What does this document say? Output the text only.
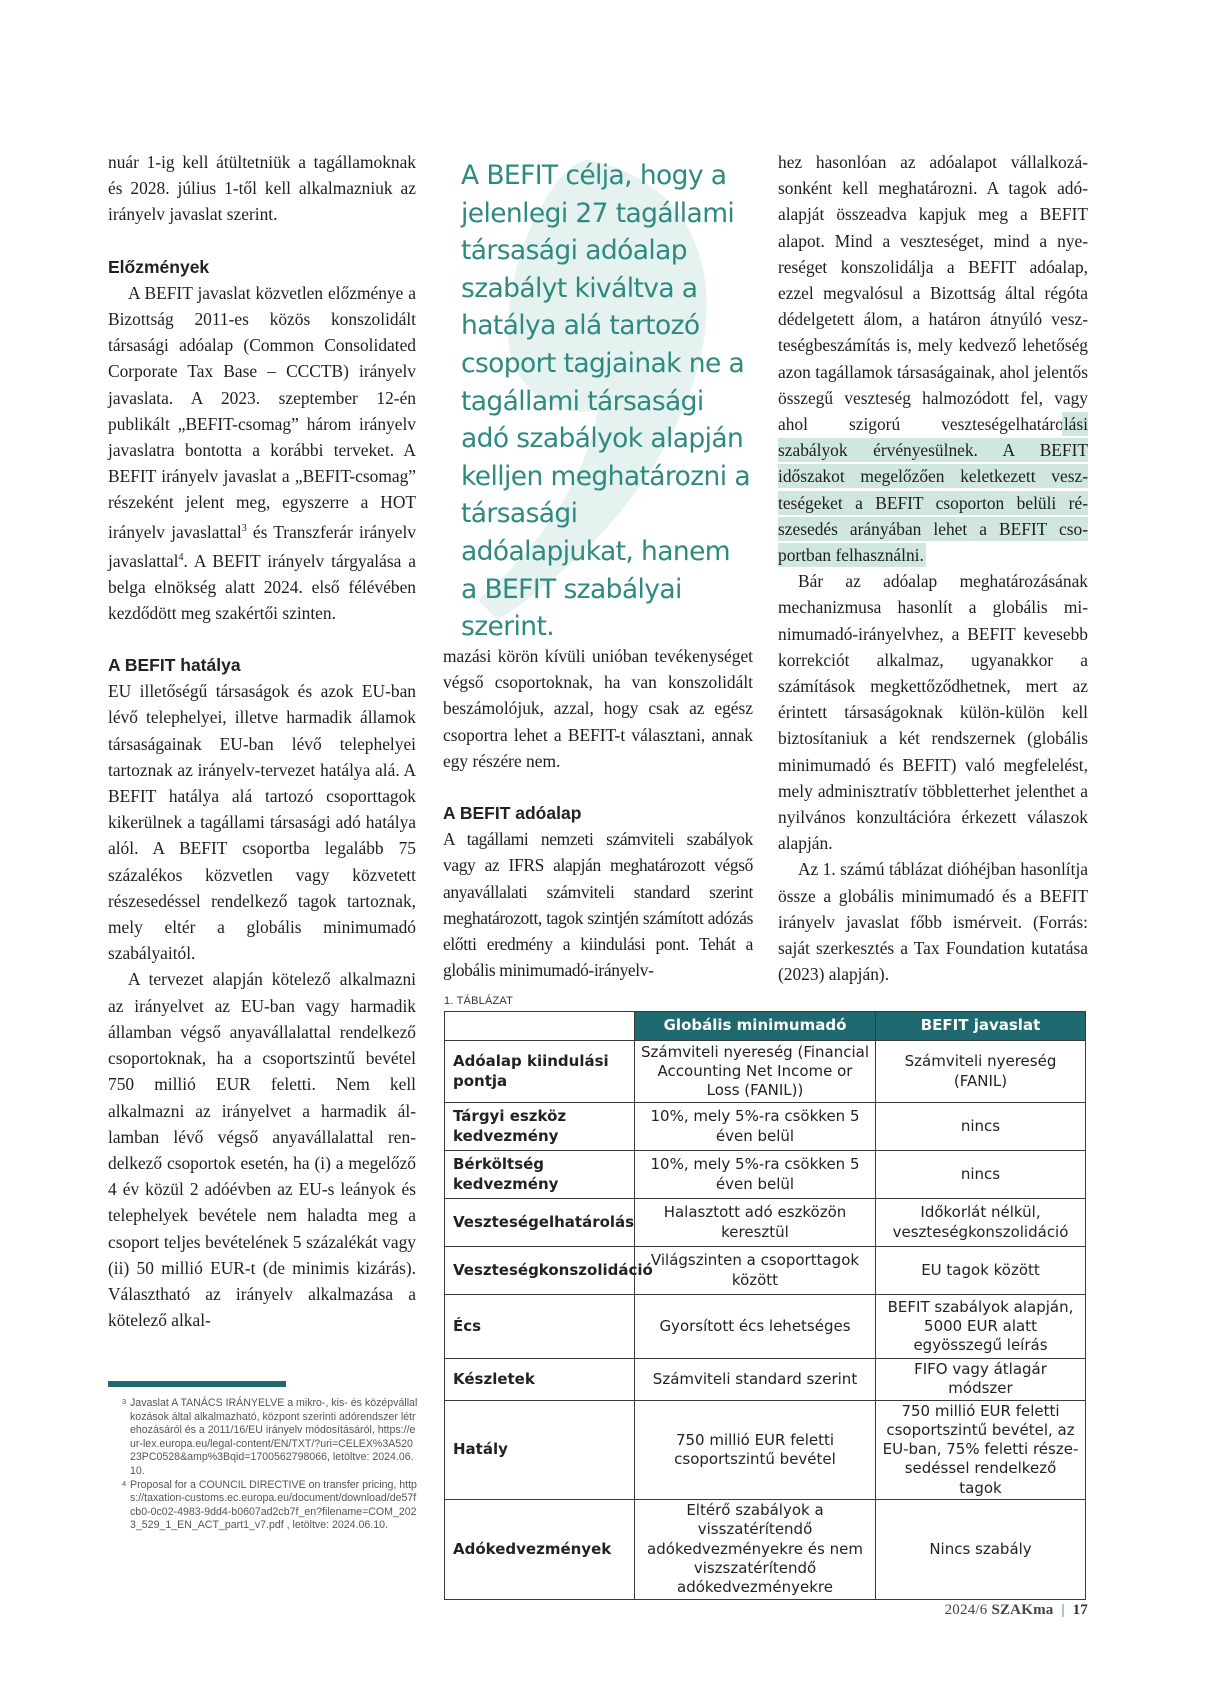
nuár 1-ig kell átültetniük a tagállamoknak és 2028. július 1-től kell alkalmazniuk az irányelv javaslat szerint.

Előzmények

A BEFIT javaslat közvetlen előzménye a Bizottság 2011-es közös konszolidált társasági adóalap (Common Consolidated Corporate Tax Base – CCCTB) irányelv javaslata. A 2023. szeptember 12-én publikált „BEFIT-csomag” három irányelv javaslatra bontotta a korábbi terveket. A BEFIT irányelv javaslat a „BEFIT-csomag” részeként jelent meg, egyszerre a HOT irányelv javaslattal$^3$ és Transzferár irányelv javaslattal$^4$. A BEFIT irányelv tárgyalása a belga elnökség alatt 2024. első félévében kezdődött meg szakértői szinten.

A BEFIT hatálya

EU illetőségű társaságok és azok EU-ban lévő telephelyei, illetve harmadik államok társaságainak EU-ban lévő telephelyei tartoznak az irányelv-tervezet hatálya alá. A BEFIT hatálya alá tartozó csoporttagok kikerülnek a tagállami társasági adó hatálya alól. A BEFIT csoportba legalább 75 százalékos közvetlen vagy közvetett részesedéssel rendelkező tagok tartoznak, mely eltér a globális minimumadó szabályaitól.

A tervezet alapján kötelező alkalmazni az irányelvet az EU-ban vagy harmadik államban végső anyavállalattal rendelkező csoportoknak, ha a csoportszintű bevétel 750 millió EUR feletti. Nem kell alkalmazni az irányelvet a harmadik államban lévő végső anyavállalattal rendelkező csoportok esetén, ha (i) a megelőző 4 év közül 2 adóévben az EU-s leányok és telephelyek bevétele nem haladta meg a csoport teljes bevételének 5 százalékát vagy (ii) 50 millió EUR-t (de minimis kizárás). Választható az irányelv alkalmazása a kötelező alkal-

A BEFIT célja, hogy a jelenlegi 27 tagállami társasági adóalap szabályt kiváltva a hatálya alá tartozó csoport tagjainak ne a tagállami társasági adó szabályok alapján kelljen meghatározni a társasági adóalapjukat, hanem a BEFIT szabályai szerint.

mazási körön kívüli unióban tevékenységet végső csoportoknak, ha van konszolidált beszámolójuk, azzal, hogy csak az egész csoportra lehet a BEFIT-t választani, annak egy részére nem.

A BEFIT adóalap

A tagállami nemzeti számviteli szabályok vagy az IFRS alapján meghatározott végső anyavállalati számviteli standard szerint meghatározott, tagok szintjén számított adózás előtti eredmény a kiindulási pont. Tehát a globális minimumadó-irányelv-

hez hasonlóan az adóalapot vállalkozásonként kell meghatározni. A tagok adóalapját összeadva kapjuk meg a BEFIT alapot. Mind a veszteséget, mind a nyereséget konszolidálja a BEFIT adóalap, ezzel megvalósul a Bizottság által régóta dédelgetett álom, a határon átnyúló veszteségbeszámítás is, mely kedvező lehetőség azon tagállamok társaságainak, ahol jelentős összegű veszteség halmozódott fel, vagy ahol szigorú veszteségelhatárolási szabályok érvényesülnek. A BEFIT időszakot megelőzően keletkezett veszteségeket a BEFIT csoporton belüli részesedés arányában lehet a BEFIT csoportban felhasználni.

Bár az adóalap meghatározásának mechanizmusa hasonlít a globális minimumadó-irányelvhez, a BEFIT kevesebb korrekciót alkalmaz, ugyanakkor a számítások megkettőződhetnek, mert az érintett társaságoknak külön-külön kell biztosítaniuk a két rendszernek (globális minimumadó és BEFIT) való megfelelést, mely adminisztratív többletterhet jelenthet a nyilvános konzultációra érkezett válaszok alapján.

Az 1. számú táblázat dióhéjban hasonlítja össze a globális minimumadó és a BEFIT irányelv javaslat főbb ismérveit. (Forrás: saját szerkesztés a Tax Foundation kutatása (2023) alapján).

3 Javaslat A TANÁCS IRÁNYELVE a mikro-, kis- és középvállalkozások által alkalmazható, központ szerinti adórendszer létrehozásáról és a 2011/16/EU irányelv módosításáról, https://eur-lex.europa.eu/legal-content/EN/TXT/?uri=CELEX%3A52023PC0528&amp%3Bqid=1700562798066, letöltve: 2024.06.10.
4 Proposal for a COUNCIL DIRECTIVE on transfer pricing, https://taxation-customs.ec.europa.eu/document/download/de57fcb0-0c02-4983-9dd4-b0607ad2cb7f_en?filename=COM_2023_529_1_EN_ACT_part1_v7.pdf , letöltve: 2024.06.10.
1. TÁBLÁZAT
	Globális minimumadó	BEFIT javaslat
Adóalap kiindulási pontja	Számviteli nyereség (Financial Accounting Net Income or Loss (FANIL))	Számviteli nyereség (FANIL)
Tárgyi eszköz kedvezmény	10%, mely 5%-ra csökken 5 éven belül	nincs
Bérköltség kedvezmény	10%, mely 5%-ra csökken 5 éven belül	nincs
Veszteségelhatárolás	Halasztott adó eszközön keresztül	Időkorlát nélkül, veszteségkonszolidáció
Veszteségkonszolidáció	Világszinten a csoporttagok között	EU tagok között
Écs	Gyorsított écs lehetséges	BEFIT szabályok alapján, 5000 EUR alatt egyösszegű leírás
Készletek	Számviteli standard szerint	FIFO vagy átlagár módszer
Hatály	750 millió EUR feletti csoportszintű bevétel	750 millió EUR feletti csoportszintű bevétel, az EU-ban, 75% feletti részesedéssel rendelkező tagok
Adókedvezmények	Eltérő szabályok a visszatérítendő adókedvezményekre és nem viszszatérítendő adókedvezményekre	Nincs szabály
2024/6 SZAKma | 17
